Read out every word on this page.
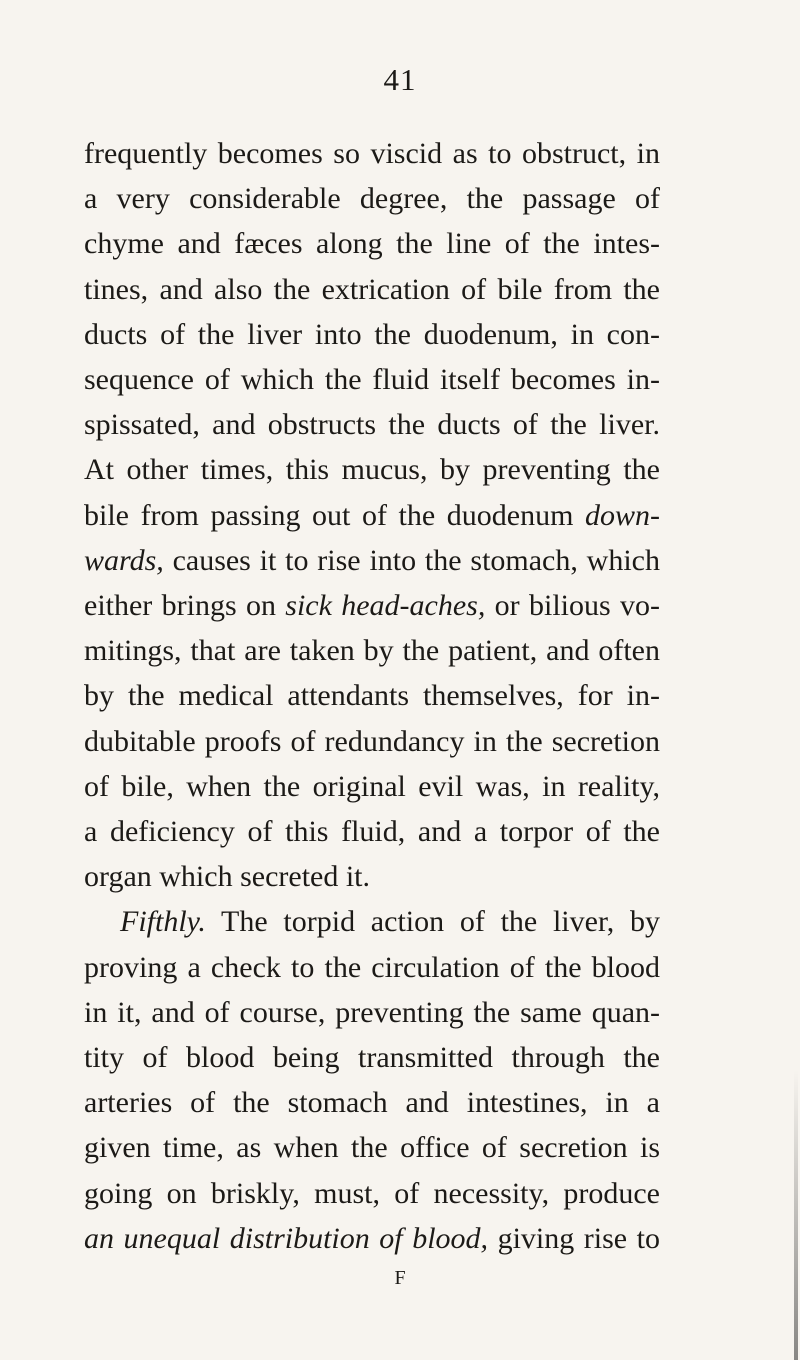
41
frequently becomes so viscid as to obstruct, in
a very considerable degree, the passage of
chyme and fæces along the line of the intes-
tines, and also the extrication of bile from the
ducts of the liver into the duodenum, in con-
sequence of which the fluid itself becomes in-
spissated, and obstructs the ducts of the liver.
At other times, this mucus, by preventing the
bile from passing out of the duodenum down-
wards, causes it to rise into the stomach, which
either brings on sick head-aches, or bilious vo-
mitings, that are taken by the patient, and often
by the medical attendants themselves, for in-
dubitable proofs of redundancy in the secretion
of bile, when the original evil was, in reality,
a deficiency of this fluid, and a torpor of the
organ which secreted it.
Fifthly. The torpid action of the liver, by
proving a check to the circulation of the blood
in it, and of course, preventing the same quan-
tity of blood being transmitted through the
arteries of the stomach and intestines, in a
given time, as when the office of secretion is
going on briskly, must, of necessity, produce
an unequal distribution of blood, giving rise to
F
